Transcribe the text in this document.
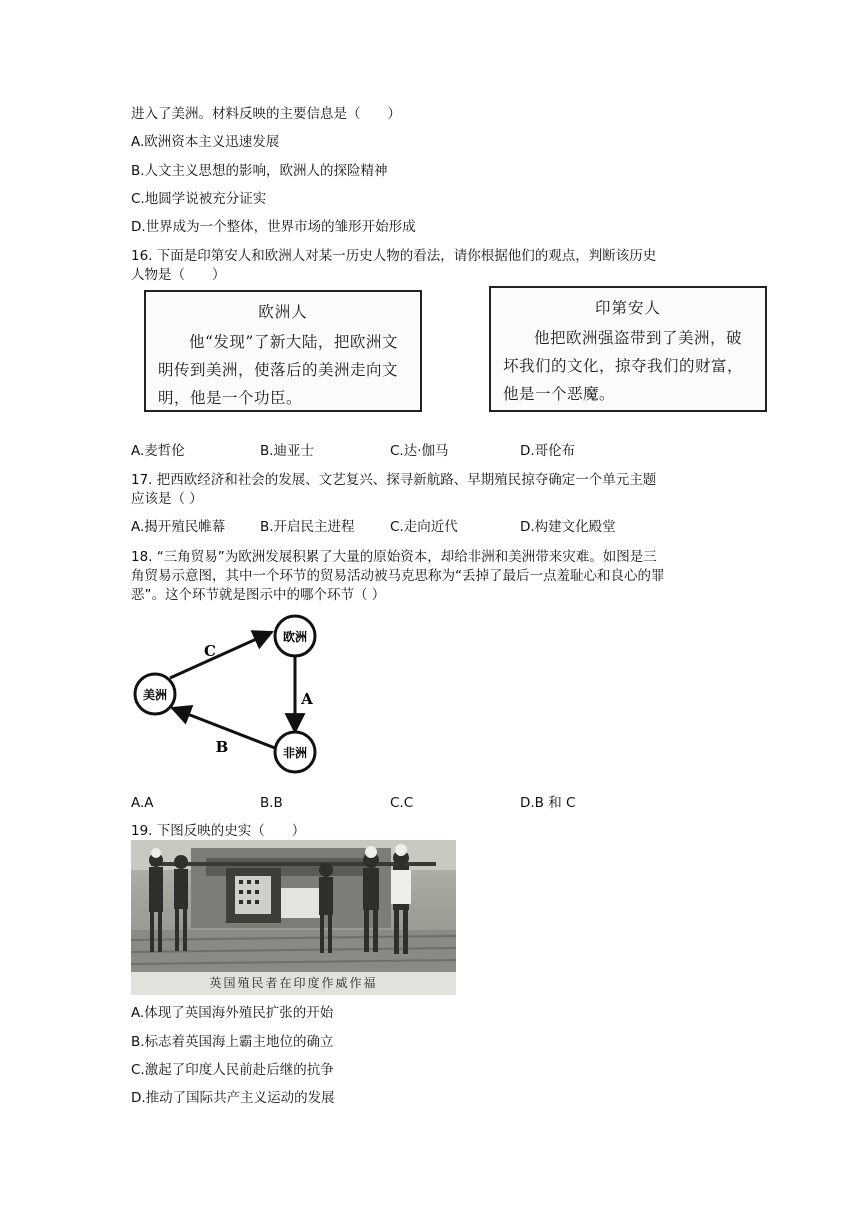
进入了美洲。材料反映的主要信息是（　　）
A.欧洲资本主义迅速发展
B.人文主义思想的影响，欧洲人的探险精神
C.地圆学说被充分证实
D.世界成为一个整体，世界市场的雏形开始形成
16. 下面是印第安人和欧洲人对某一历史人物的看法，请你根据他们的观点，判断该历史
人物是（　　）
欧洲人
他“发现”了新大陆，把欧洲文明传到美洲，使落后的美洲走向文明，他是一个功臣。
印第安人
他把欧洲强盗带到了美洲，破坏我们的文化，掠夺我们的财富，他是一个恶魔。
A.麦哲伦	B.迪亚士	C.达·伽马	D.哥伦布
17. 把西欧经济和社会的发展、文艺复兴、探寻新航路、早期殖民掠夺确定一个单元主题
应该是（ ）
A.揭开殖民帷幕	B.开启民主进程	C.走向近代	D.构建文化殿堂
18. “三角贸易”为欧洲发展积累了大量的原始资本，却给非洲和美洲带来灾难。如图是三
角贸易示意图，其中一个环节的贸易活动被马克思称为“丢掉了最后一点羞耻心和良心的罪
恶”。这个环节就是图示中的哪个环节（ ）
欧洲
美洲
非洲
C
A
B
A.A	B.B	C.C	D.B 和 C
19. 下图反映的史实（　　）
英国殖民者在印度作威作福
A.体现了英国海外殖民扩张的开始
B.标志着英国海上霸主地位的确立
C.激起了印度人民前赴后继的抗争
D.推动了国际共产主义运动的发展
